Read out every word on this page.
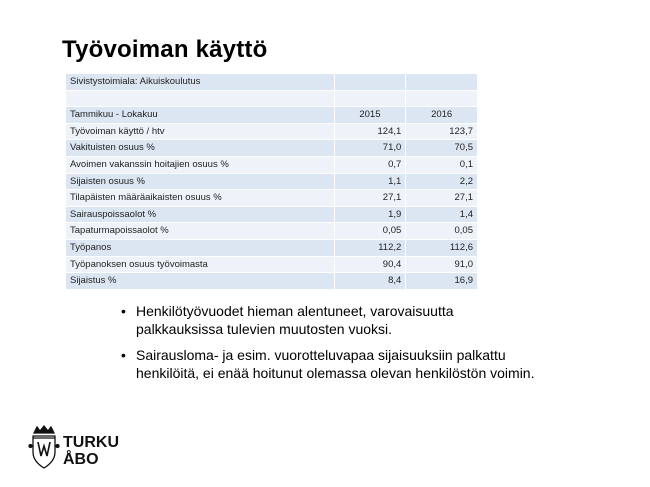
Työvoiman käyttö
Sivistystoimiala: Aikuiskoulutus		

Tammikuu - Lokakuu	2015	2016
Työvoiman käyttö / htv	124,1	123,7
Vakituisten osuus %	71,0	70,5
Avoimen vakanssin hoitajien osuus %	0,7	0,1
Sijaisten osuus %	1,1	2,2
Tilapäisten määräaikaisten osuus %	27,1	27,1
Sairauspoissaolot %	1,9	1,4
Tapaturmapoissaolot %	0,05	0,05
Työpanos	112,2	112,6
Työpanoksen osuus työvoimasta	90,4	91,0
Sijaistus %	8,4	16,9
• Henkilötyövuodet hieman alentuneet, varovaisuutta palkkauksissa tulevien muutosten vuoksi.
• Sairausloma- ja esim. vuorotteluvapaa sijaisuuksiin palkattu henkilöitä, ei enää hoitunut olemassa olevan henkilöstön voimin.
TURKU
ÅBO
